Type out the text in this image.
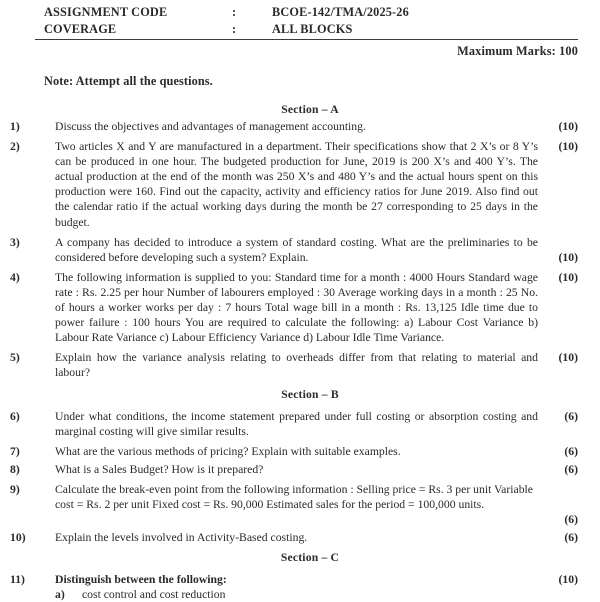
ASSIGNMENT CODE	:	BCOE-142/TMA/2025-26
COVERAGE	:	ALL BLOCKS
Maximum Marks: 100
Note: Attempt all the questions.
Section – A
1)	Discuss the objectives and advantages of management accounting.	(10)
2)	Two articles X and Y are manufactured in a department. Their specifications show that 2 X’s or 8 Y’s can be produced in one hour. The budgeted production for June, 2019 is 200 X’s and 400 Y’s. The actual production at the end of the month was 250 X’s and 480 Y’s and the actual hours spent on this production were 160. Find out the capacity, activity and efficiency ratios for June 2019. Also find out the calendar ratio if the actual working days during the month be 27 corresponding to 25 days in the budget.
(10)
3)	A company has decided to introduce a system of standard costing. What are the preliminaries to be considered before developing such a system? Explain.	(10)
4)	The following information is supplied to you: Standard time for a month : 4000 Hours Standard wage rate : Rs. 2.25 per hour Number of labourers employed : 30 Average working days in a month : 25 No. of hours a worker works per day : 7 hours Total wage bill in a month : Rs. 13,125 Idle time due to power failure : 100 hours You are required to calculate the following: a) Labour Cost Variance b) Labour Rate Variance c) Labour Efficiency Variance d) Labour Idle Time Variance.
(10)
5)	Explain how the variance analysis relating to overheads differ from that relating to material and labour?
(10)
Section – B
6)	Under what conditions, the income statement prepared under full costing or absorption costing and marginal costing will give similar results.
(6)
7)	What are the various methods of pricing? Explain with suitable examples.	(6)
8)	What is a Sales Budget? How is it prepared?	(6)
9)	Calculate the break-even point from the following information : Selling price = Rs. 3 per unit Variable cost = Rs. 2 per unit Fixed cost = Rs. 90,000 Estimated sales for the period = 100,000 units.
(6)
10)	Explain the levels involved in Activity-Based costing.	(6)
Section – C
11)	Distinguish between the following:	(10)
a)	cost control and cost reduction
